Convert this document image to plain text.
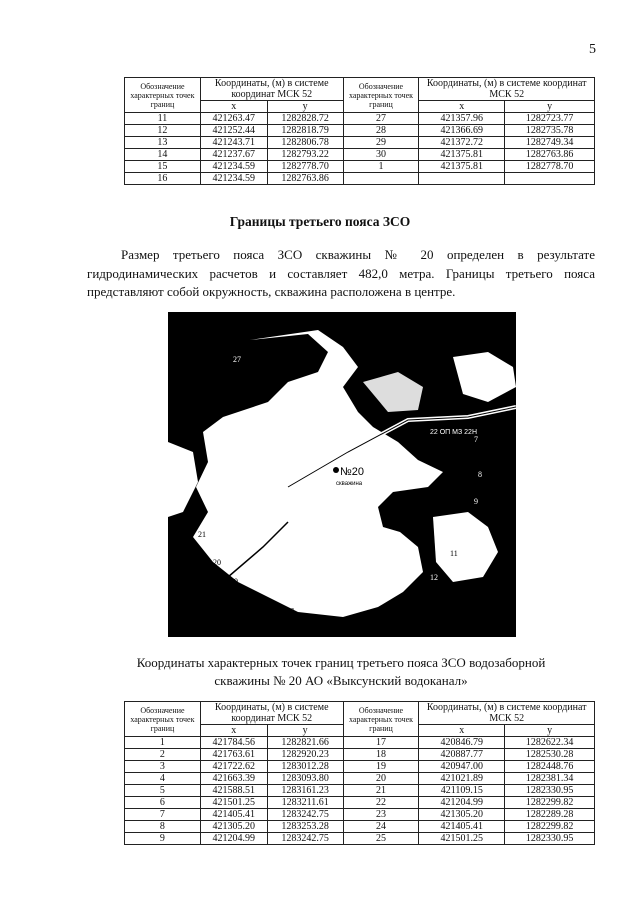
5
Обозначение характерных точек границ	Координаты, (м) в системе координат МСК 52		Обозначение характерных точек границ	Координаты, (м) в системе координат МСК 52	
	x	y		x	y
11	421263.47	1282828.72	27	421357.96	1282723.77
12	421252.44	1282818.79	28	421366.69	1282735.78
13	421243.71	1282806.78	29	421372.72	1282749.34
14	421237.67	1282793.22	30	421375.81	1282763.86
15	421234.59	1282778.70	1	421375.81	1282778.70
16	421234.59	1282763.86			
Границы третьего пояса ЗСО
Размер третьего пояса ЗСО скважины № 20 определен в результате гидродинамических расчетов и составляет 482,0 метра. Границы третьего пояса представляют собой окружность, скважина расположена в центре.
№20
скважина
22 ОП МЗ 22Н
27
7
8
9
11
12
13
15
16
17
18
19
20
21
Координаты характерных точек границ третьего пояса ЗСО водозаборной
скважины № 20 АО «Выксунский водоканал»
Обозначение характерных точек границ	Координаты, (м) в системе координат МСК 52		Обозначение характерных точек границ	Координаты, (м) в системе координат МСК 52	
	x	y		x	y
1	421784.56	1282821.66	17	420846.79	1282622.34
2	421763.61	1282920.23	18	420887.77	1282530.28
3	421722.62	1283012.28	19	420947.00	1282448.76
4	421663.39	1283093.80	20	421021.89	1282381.34
5	421588.51	1283161.23	21	421109.15	1282330.95
6	421501.25	1283211.61	22	421204.99	1282299.82
7	421405.41	1283242.75	23	421305.20	1282289.28
8	421305.20	1283253.28	24	421405.41	1282299.82
9	421204.99	1283242.75	25	421501.25	1282330.95
